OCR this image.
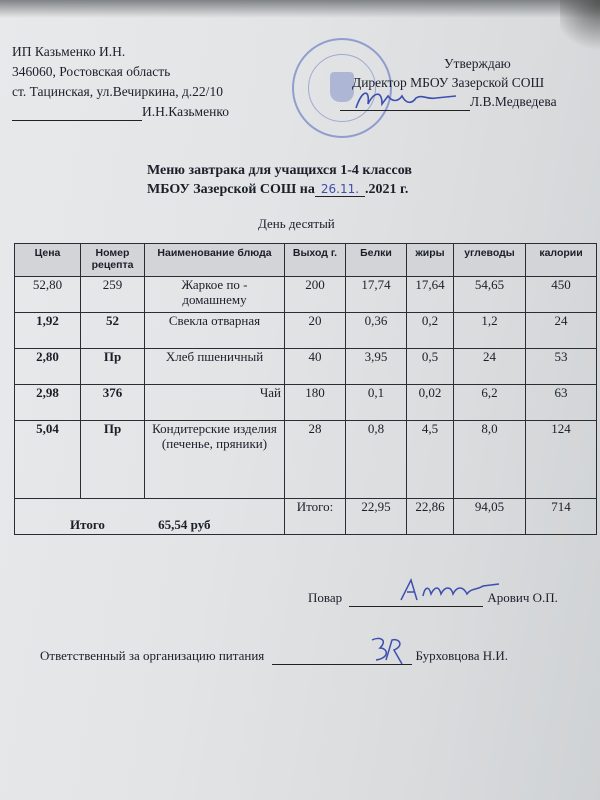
ИП Казьменко И.Н.
346060, Ростовская область
ст. Тацинская, ул.Вечиркина, д.22/10
И.Н.Казьменко
Утверждаю
Директор МБОУ Зазерской СОШ
Л.В.Медведева
Меню завтрака для учащихся 1-4 классов
МБОУ Зазерской СОШ на 26.11. .2021 г.
День десятый
Цена	Номер рецепта	Наименование блюда	Выход г.	Белки	жиры	углеводы	калории
52,80	259	Жаркое по - домашнему	200	17,74	17,64	54,65	450
1,92	52	Свекла отварная	20	0,36	0,2	1,2	24
2,80	Пр	Хлеб пшеничный	40	3,95	0,5	24	53
2,98	376	Чай	180	0,1	0,02	6,2	63
5,04	Пр	Кондитерские изделия (печенье, пряники)	28	0,8	4,5	8,0	124
Итого 65,54 руб			Итого:	22,95	22,86	94,05	714
Повар	Арович О.П.
Ответственный за организацию питания	Бурховцова Н.И.
